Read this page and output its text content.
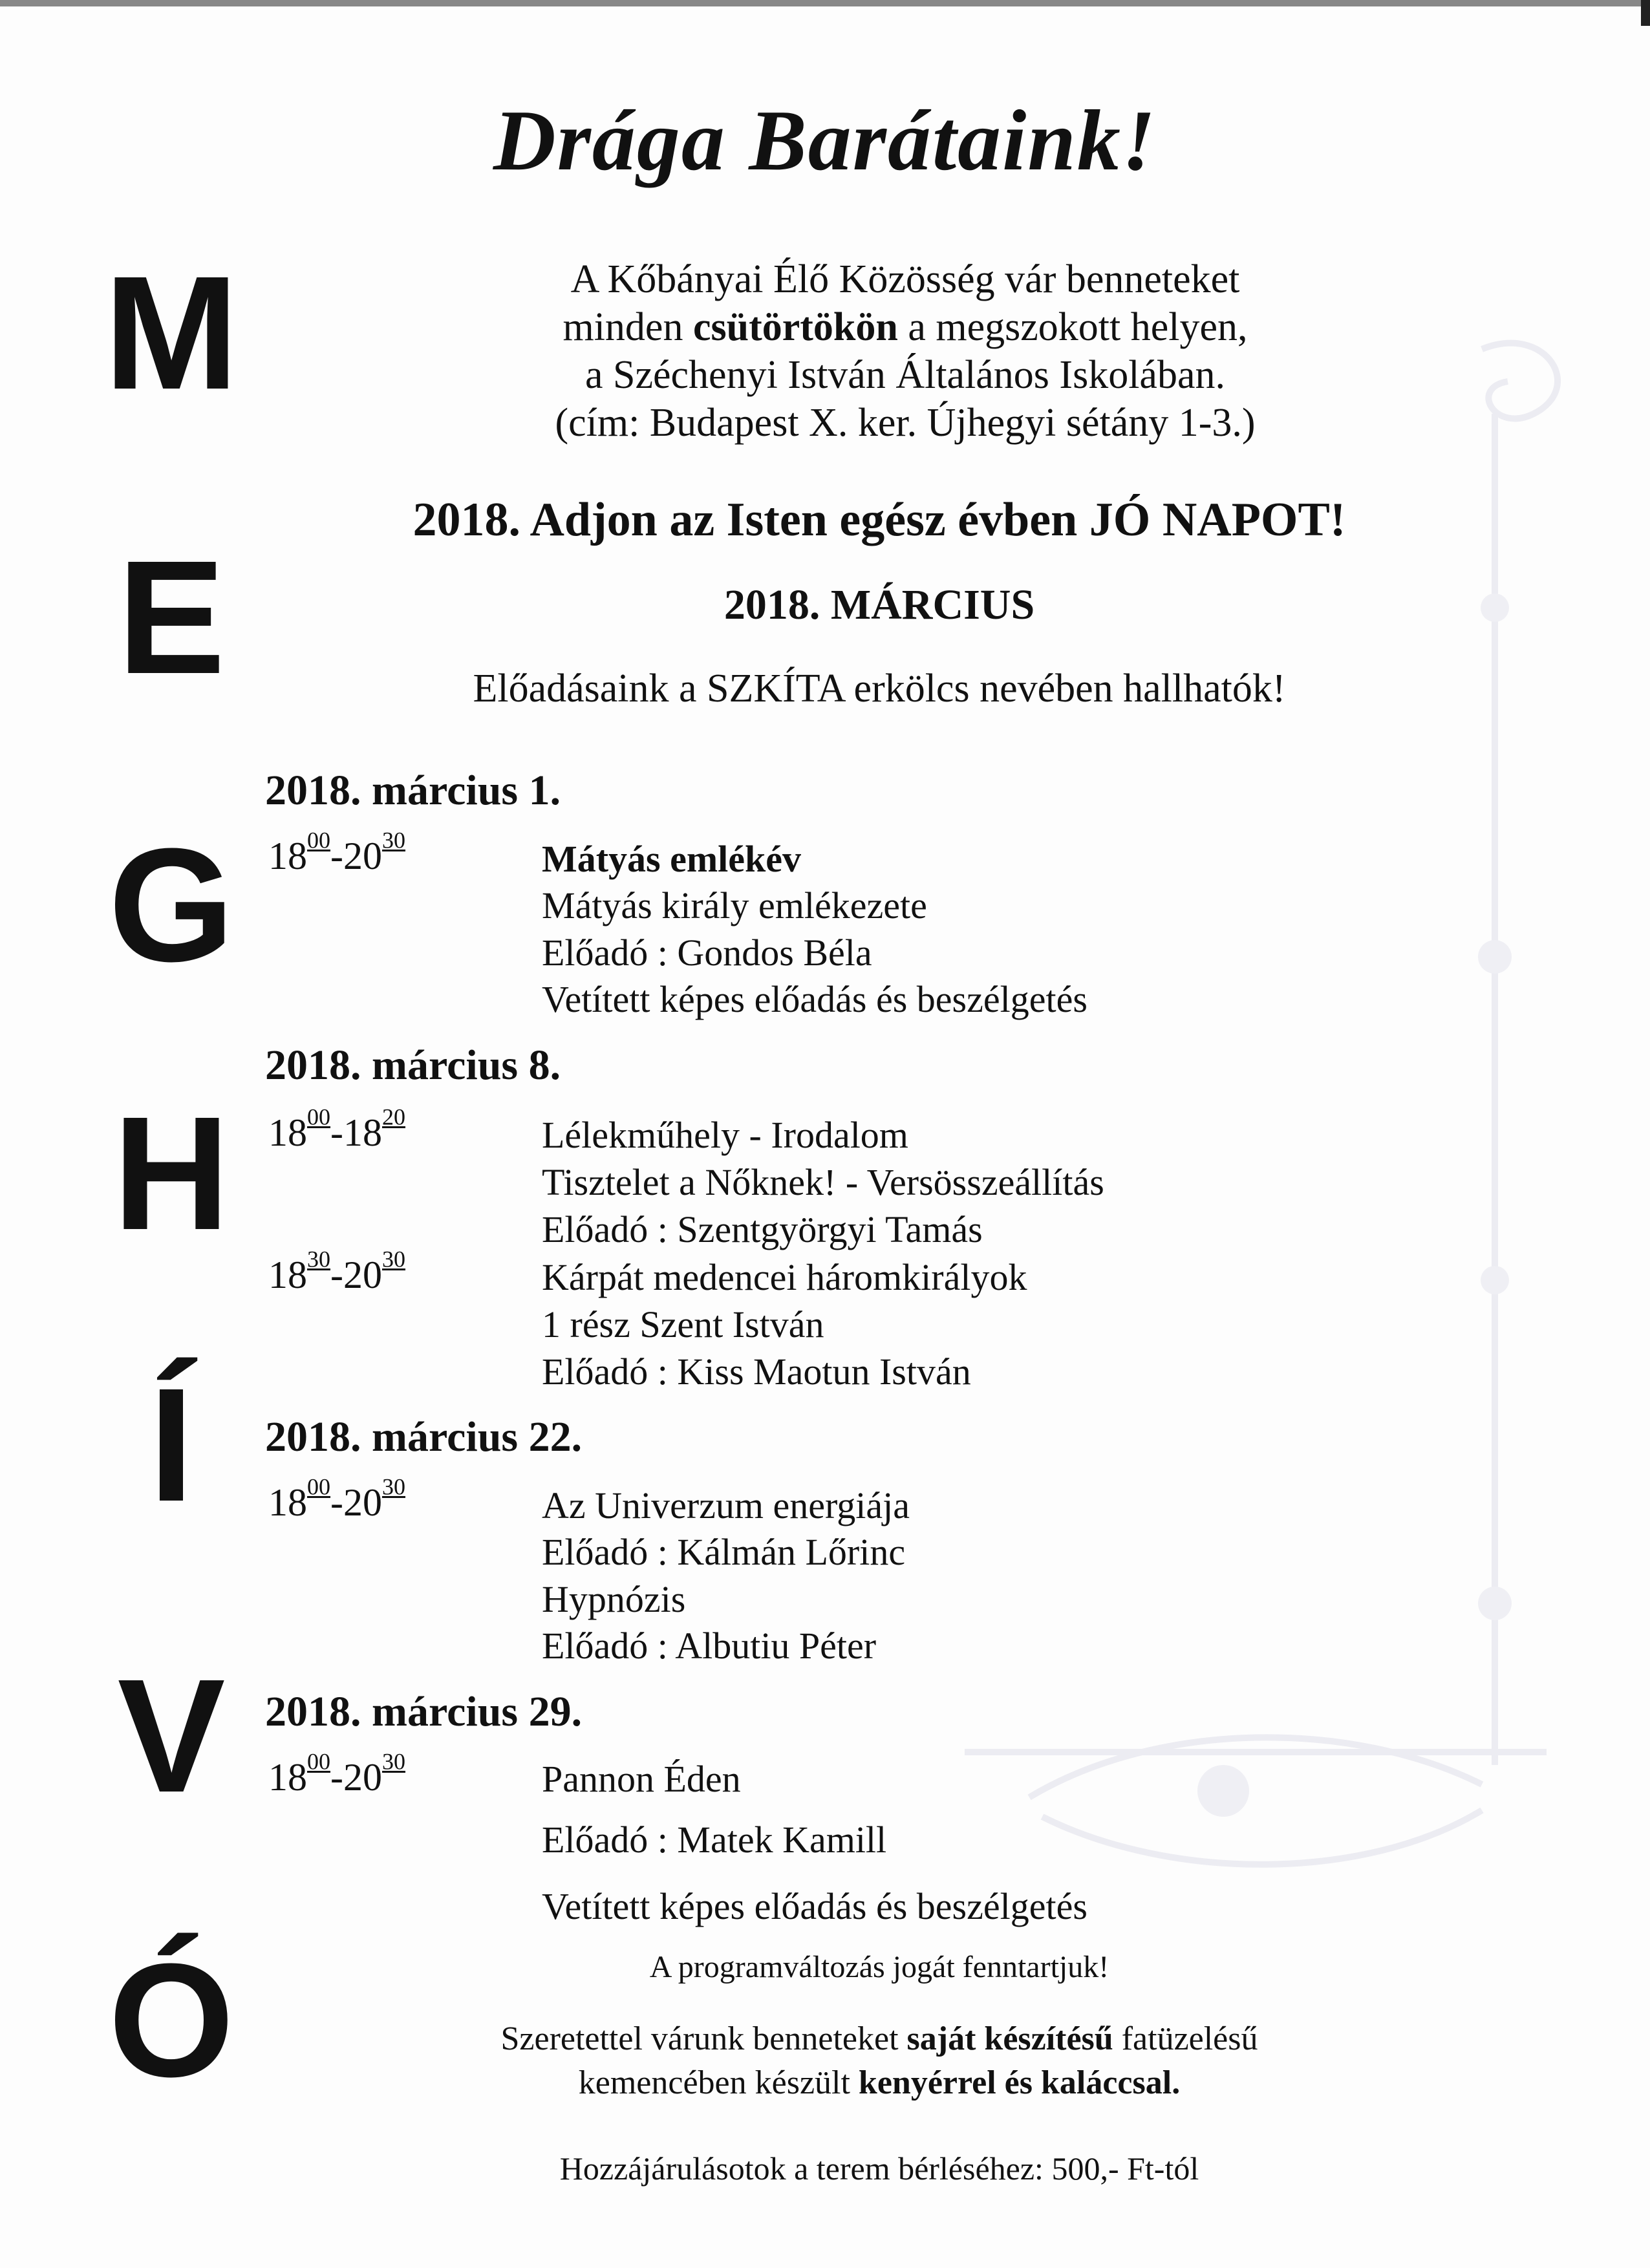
Drága Barátaink!
M
E
G
H
Í
V
Ó
A Kőbányai Élő Közösség vár benneteket
minden csütörtökön a megszokott helyen,
a Széchenyi István Általános Iskolában.
(cím: Budapest X. ker. Újhegyi sétány 1-3.)
2018. Adjon az Isten egész évben JÓ NAPOT!
2018. MÁRCIUS
Előadásaink a SZKÍTA erkölcs nevében hallhatók!
2018. március 1.
$18^{00}-20^{30}$	Mátyás emlékév
Mátyás király emlékezete
Előadó : Gondos Béla
Vetített képes előadás és beszélgetés
2018. március 8.
$18^{00}-18^{20}$	Lélekműhely - Irodalom
Tisztelet a Nőknek! - Versösszeállítás
Előadó : Szentgyörgyi Tamás
$18^{30}-20^{30}$	Kárpát medencei háromkirályok
1 rész Szent István
Előadó : Kiss Maotun István
2018. március 22.
$18^{00}-20^{30}$	Az Univerzum energiája
Előadó : Kálmán Lőrinc
Hypnózis
Előadó : Albutiu Péter
2018. március 29.
$18^{00}-20^{30}$	Pannon Éden
Előadó : Matek Kamill
Vetített képes előadás és beszélgetés
A programváltozás jogát fenntartjuk!
Szeretettel várunk benneteket saját készítésű fatüzelésű
kemencében készült kenyérrel és kaláccsal.
Hozzájárulásotok a terem bérléséhez: 500,- Ft-tól
